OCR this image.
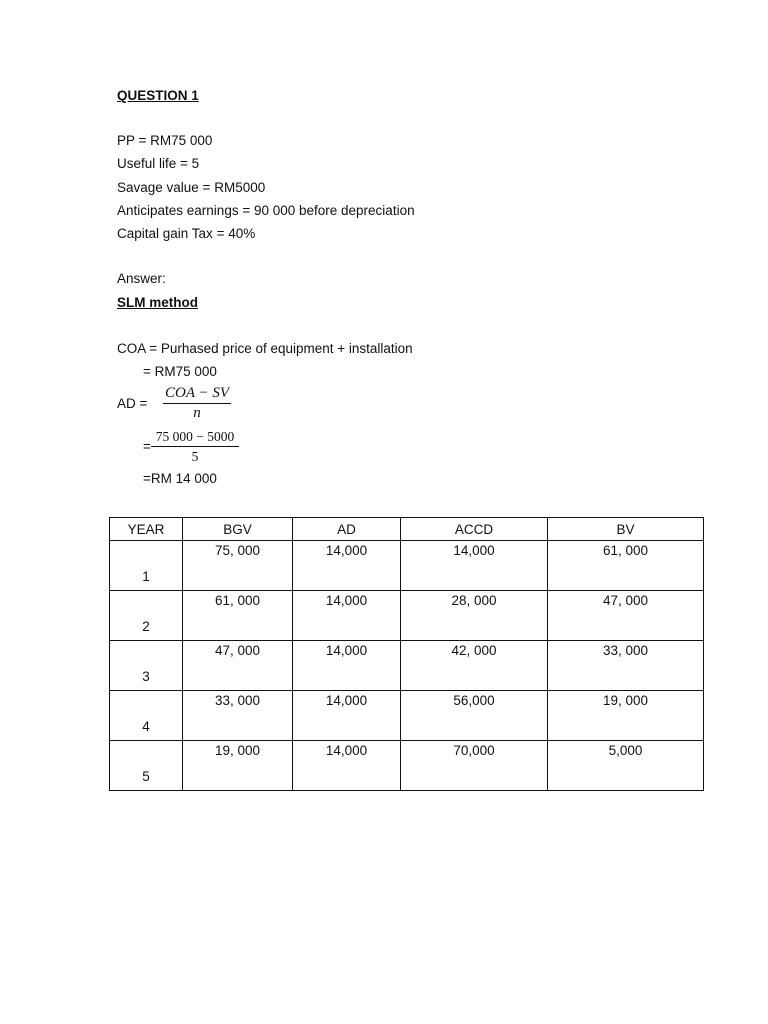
QUESTION 1
PP = RM75 000
Useful life = 5
Savage value = RM5000
Anticipates earnings = 90 000 before depreciation
Capital gain Tax = 40%
Answer:
SLM method
COA = Purhased price of equipment + installation
= RM75 000
AD =
COA − SV
n
=
75 000 − 5000
5
=RM 14 000
YEAR	BGV	AD	ACCD	BV
1	75, 000	14,000	14,000	61, 000
2	61, 000	14,000	28, 000	47, 000
3	47, 000	14,000	42, 000	33, 000
4	33, 000	14,000	56,000	19, 000
5	19, 000	14,000	70,000	5,000
